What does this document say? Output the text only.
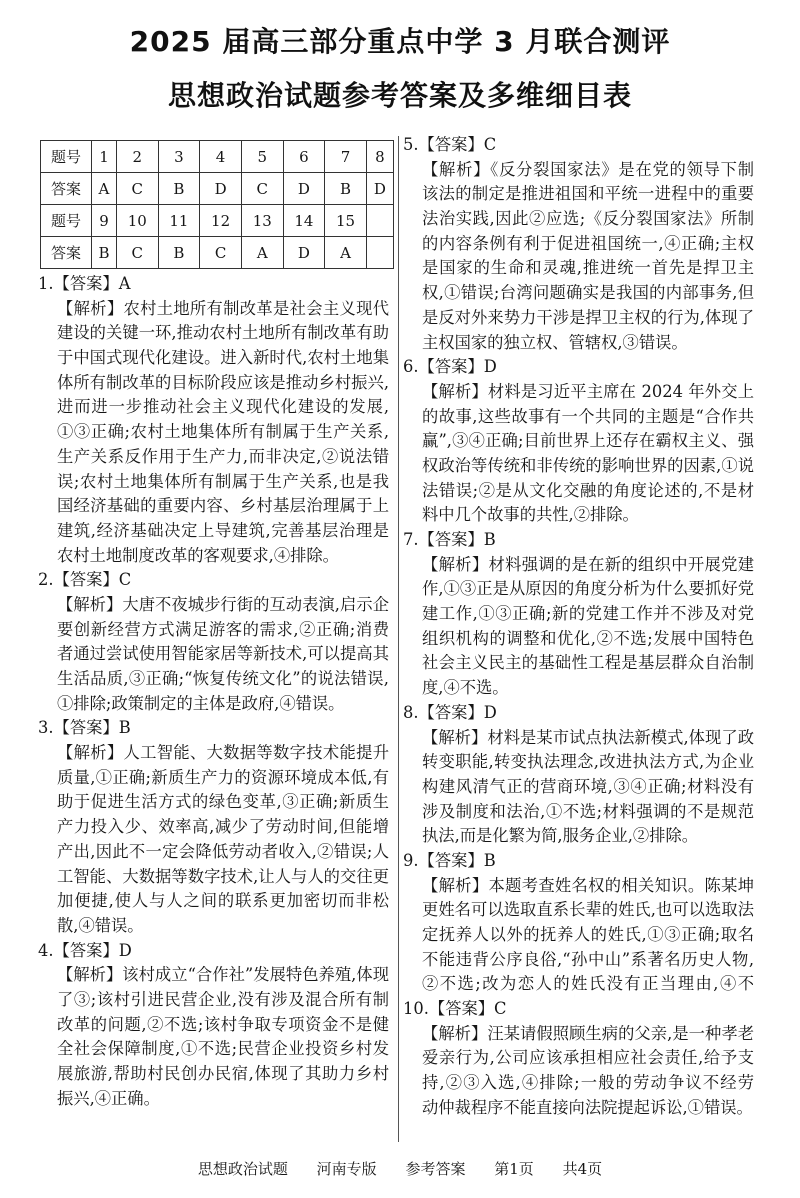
2025 届高三部分重点中学 3 月联合测评
思想政治试题参考答案及多维细目表
题号	1	2	3	4	5	6	7	8
答案	A	C	B	D	C	D	B	D
题号	9	10	11	12	13	14	15	
答案	B	C	B	C	A	D	A	
1.【答案】A
【解析】农村土地所有制改革是社会主义现代
建设的关键一环,推动农村土地所有制改革有助
于中国式现代化建设。进入新时代,农村土地集
体所有制改革的目标阶段应该是推动乡村振兴,
进而进一步推动社会主义现代化建设的发展,
①③正确;农村土地集体所有制属于生产关系,
生产关系反作用于生产力,而非决定,②说法错
误;农村土地集体所有制属于生产关系,也是我
国经济基础的重要内容、乡村基层治理属于上
建筑,经济基础决定上导建筑,完善基层治理是
农村土地制度改革的客观要求,④排除。
2.【答案】C
【解析】大唐不夜城步行街的互动表演,启示企
要创新经营方式满足游客的需求,②正确;消费
者通过尝试使用智能家居等新技术,可以提高其
生活品质,③正确;“恢复传统文化”的说法错误,
①排除;政策制定的主体是政府,④错误。
3.【答案】B
【解析】人工智能、大数据等数字技术能提升
质量,①正确;新质生产力的资源环境成本低,有
助于促进生活方式的绿色变革,③正确;新质生
产力投入少、效率高,减少了劳动时间,但能增
产出,因此不一定会降低劳动者收入,②错误;人
工智能、大数据等数字技术,让人与人的交往更
加便捷,使人与人之间的联系更加密切而非松
散,④错误。
4.【答案】D
【解析】该村成立“合作社”发展特色养殖,体现
了③;该村引进民营企业,没有涉及混合所有制
改革的问题,②不选;该村争取专项资金不是健
全社会保障制度,①不选;民营企业投资乡村发
展旅游,帮助村民创办民宿,体现了其助力乡村
振兴,④正确。
5.【答案】C
【解析】《反分裂国家法》是在党的领导下制
该法的制定是推进祖国和平统一进程中的重要
法治实践,因此②应选;《反分裂国家法》所制
的内容条例有利于促进祖国统一,④正确;主权
是国家的生命和灵魂,推进统一首先是捍卫主
权,①错误;台湾问题确实是我国的内部事务,但
是反对外来势力干涉是捍卫主权的行为,体现了
主权国家的独立权、管辖权,③错误。
6.【答案】D
【解析】材料是习近平主席在 2024 年外交上
的故事,这些故事有一个共同的主题是“合作共
赢”,③④正确;目前世界上还存在霸权主义、强
权政治等传统和非传统的影响世界的因素,①说
法错误;②是从文化交融的角度论述的,不是材
料中几个故事的共性,②排除。
7.【答案】B
【解析】材料强调的是在新的组织中开展党建
作,①③正是从原因的角度分析为什么要抓好党
建工作,①③正确;新的党建工作并不涉及对党
组织机构的调整和优化,②不选;发展中国特色
社会主义民主的基础性工程是基层群众自治制
度,④不选。
8.【答案】D
【解析】材料是某市试点执法新模式,体现了政
转变职能,转变执法理念,改进执法方式,为企业
构建风清气正的营商环境,③④正确;材料没有
涉及制度和法治,①不选;材料强调的不是规范
执法,而是化繁为简,服务企业,②排除。
9.【答案】B
【解析】本题考查姓名权的相关知识。陈某坤
更姓名可以选取直系长辈的姓氏,也可以选取法
定抚养人以外的抚养人的姓氏,①③正确;取名
不能违背公序良俗,“孙中山”系著名历史人物,
②不选;改为恋人的姓氏没有正当理由,④不
10.【答案】C
【解析】汪某请假照顾生病的父亲,是一种孝老
爱亲行为,公司应该承担相应社会责任,给予支
持,②③入选,④排除;一般的劳动争议不经劳
动仲裁程序不能直接向法院提起诉讼,①错误。
思想政治试题 河南专版 参考答案 第1页 共4页
